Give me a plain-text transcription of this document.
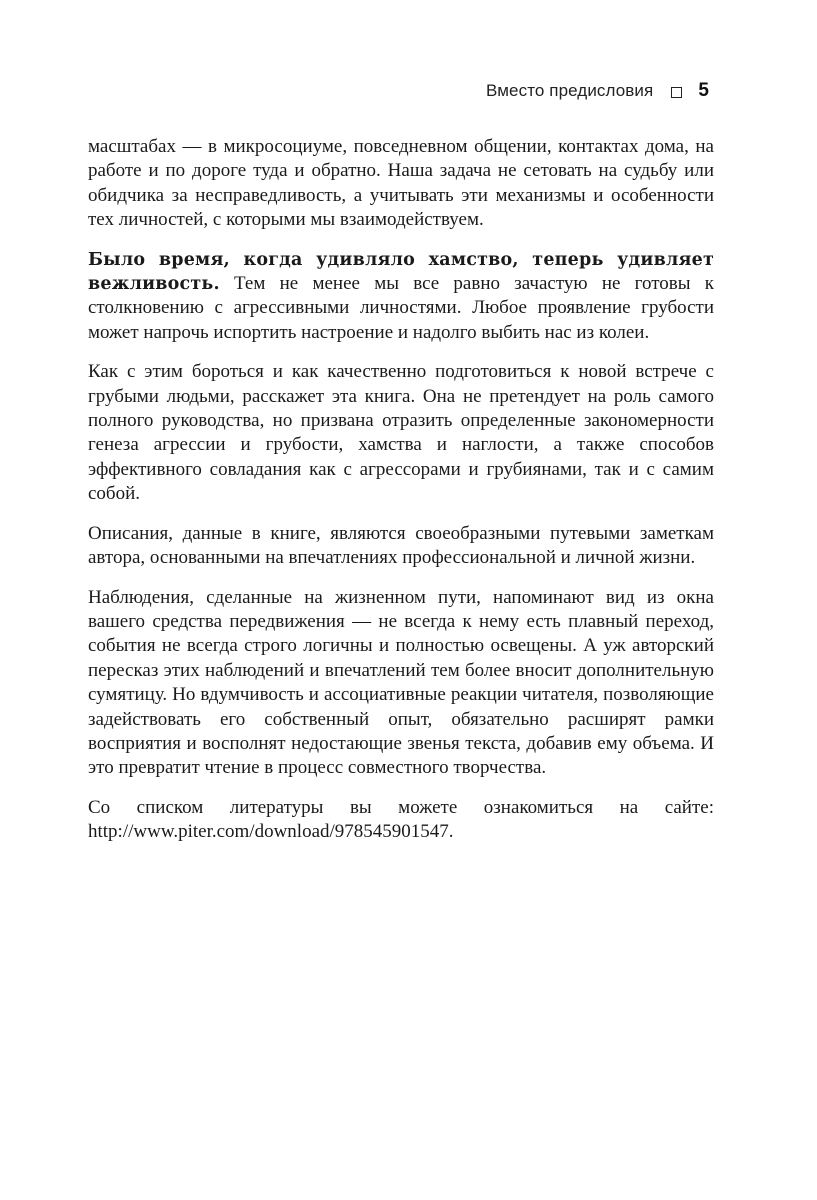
Вместо предисловия 5

масштабах — в микросоциуме, повседневном общении, контактах дома, на работе и по дороге туда и обратно. Наша задача не сетовать на судьбу или обидчика за несправедливость, а учитывать эти механизмы и особенности тех личностей, с которыми мы взаимодействуем.

Было время, когда удивляло хамство, теперь удивляет вежливость. Тем не менее мы все равно зачастую не готовы к столкновению с агрессивными личностями. Любое проявление грубости может напрочь испортить настроение и надолго выбить нас из колеи.

Как с этим бороться и как качественно подготовиться к новой встрече с грубыми людьми, расскажет эта книга. Она не претендует на роль самого полного руководства, но призвана отразить определенные закономерности генеза агрессии и грубости, хамства и наглости, а также способов эффективного совладания как с агрессорами и грубиянами, так и с самим собой.

Описания, данные в книге, являются своеобразными путевыми заметкам автора, основанными на впечатлениях профессиональной и личной жизни.

Наблюдения, сделанные на жизненном пути, напоминают вид из окна вашего средства передвижения — не всегда к нему есть плавный переход, события не всегда строго логичны и полностью освещены. А уж авторский пересказ этих наблюдений и впечатлений тем более вносит дополнительную сумятицу. Но вдумчивость и ассоциативные реакции читателя, позволяющие задействовать его собственный опыт, обязательно расширят рамки восприятия и восполнят недостающие звенья текста, добавив ему объема. И это превратит чтение в процесс совместного творчества.

Со списком литературы вы можете ознакомиться на сайте: http://www.piter.com/download/978545901547.
